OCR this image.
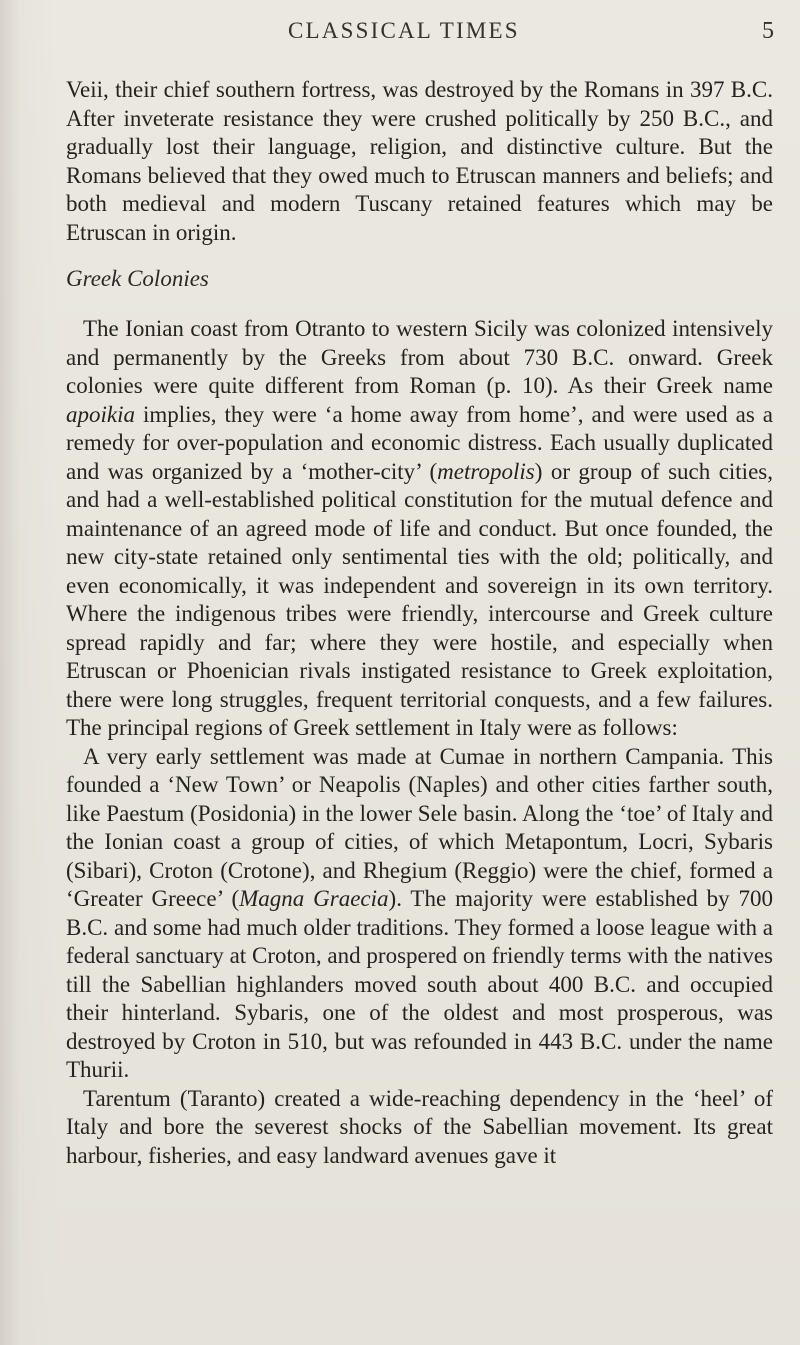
CLASSICAL TIMES	5

Veii, their chief southern fortress, was destroyed by the Romans in 397 B.C. After inveterate resistance they were crushed politically by 250 B.C., and gradually lost their language, religion, and distinctive culture. But the Romans believed that they owed much to Etruscan manners and beliefs; and both medieval and modern Tuscany retained features which may be Etruscan in origin.

Greek Colonies

The Ionian coast from Otranto to western Sicily was colonized intensively and permanently by the Greeks from about 730 B.C. onward. Greek colonies were quite different from Roman (p. 10). As their Greek name apoikia implies, they were ‘a home away from home’, and were used as a remedy for over-population and economic distress. Each usually duplicated and was organized by a ‘mother-city’ (metropolis) or group of such cities, and had a well-established political constitution for the mutual defence and maintenance of an agreed mode of life and conduct. But once founded, the new city-state retained only sentimental ties with the old; politically, and even economically, it was independent and sovereign in its own territory. Where the indigenous tribes were friendly, intercourse and Greek culture spread rapidly and far; where they were hostile, and especially when Etruscan or Phoenician rivals instigated resistance to Greek exploitation, there were long struggles, frequent territorial conquests, and a few failures. The principal regions of Greek settlement in Italy were as follows:

A very early settlement was made at Cumae in northern Campania. This founded a ‘New Town’ or Neapolis (Naples) and other cities farther south, like Paestum (Posidonia) in the lower Sele basin. Along the ‘toe’ of Italy and the Ionian coast a group of cities, of which Metapontum, Locri, Sybaris (Sibari), Croton (Crotone), and Rhegium (Reggio) were the chief, formed a ‘Greater Greece’ (Magna Graecia). The majority were established by 700 B.C. and some had much older traditions. They formed a loose league with a federal sanctuary at Croton, and prospered on friendly terms with the natives till the Sabellian highlanders moved south about 400 B.C. and occupied their hinterland. Sybaris, one of the oldest and most prosperous, was destroyed by Croton in 510, but was refounded in 443 B.C. under the name Thurii.

Tarentum (Taranto) created a wide-reaching dependency in the ‘heel’ of Italy and bore the severest shocks of the Sabellian movement. Its great harbour, fisheries, and easy landward avenues gave it
